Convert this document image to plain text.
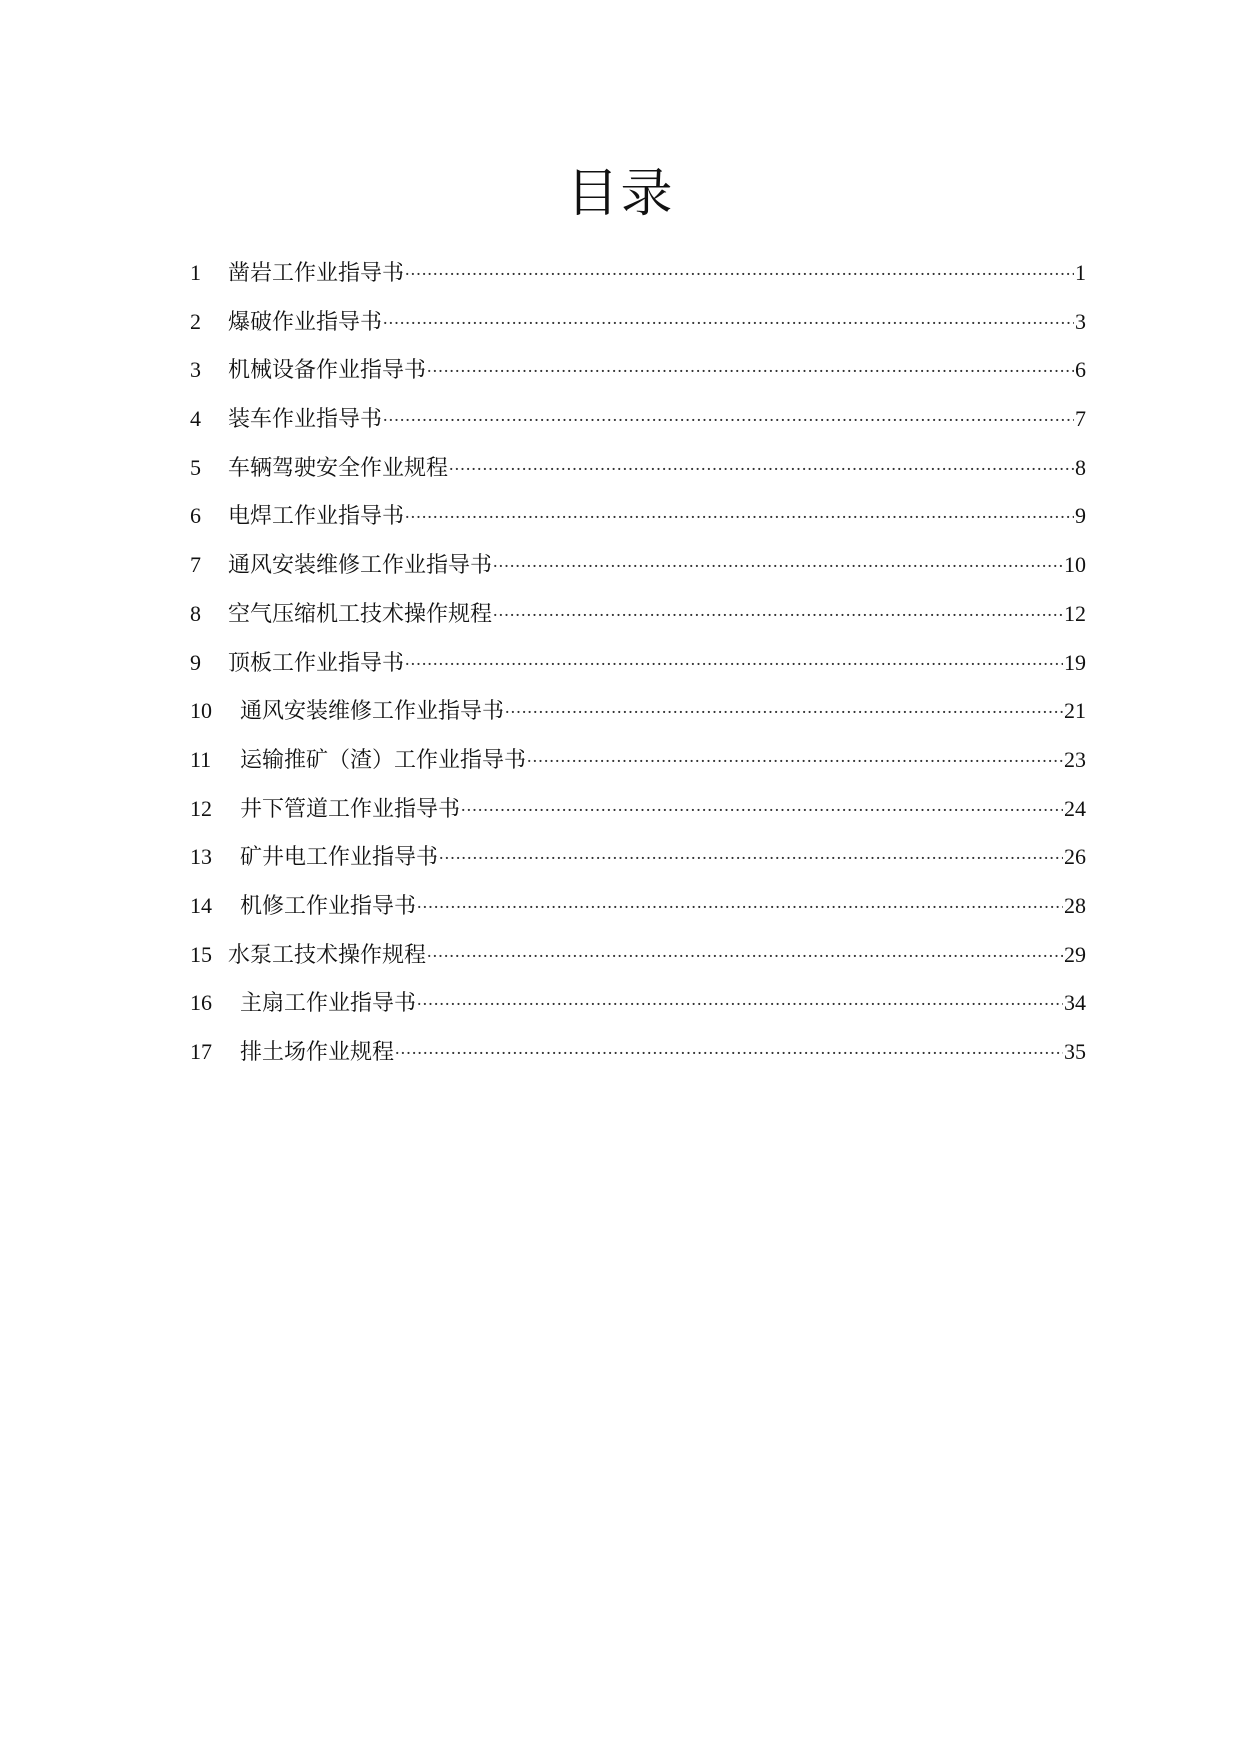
目录
1	凿岩工作业指导书 .....	1
2	爆破作业指导书 .....	3
3	机械设备作业指导书 .....	6
4	装车作业指导书 .....	7
5	车辆驾驶安全作业规程 .....	8
6	电焊工作业指导书 .....	9
7	通风安装维修工作业指导书 .....	10
8	空气压缩机工技术操作规程 .....	12
9	顶板工作业指导书 .....	19
10	通风安装维修工作业指导书 .....	21
11	运输推矿（渣）工作业指导书 .....	23
12	井下管道工作业指导书 .....	24
13	矿井电工作业指导书 .....	26
14	机修工作业指导书 .....	28
15 水泵工技术操作规程 .....	29
16	主扇工作业指导书 .....	34
17	排土场作业规程 .....	35
